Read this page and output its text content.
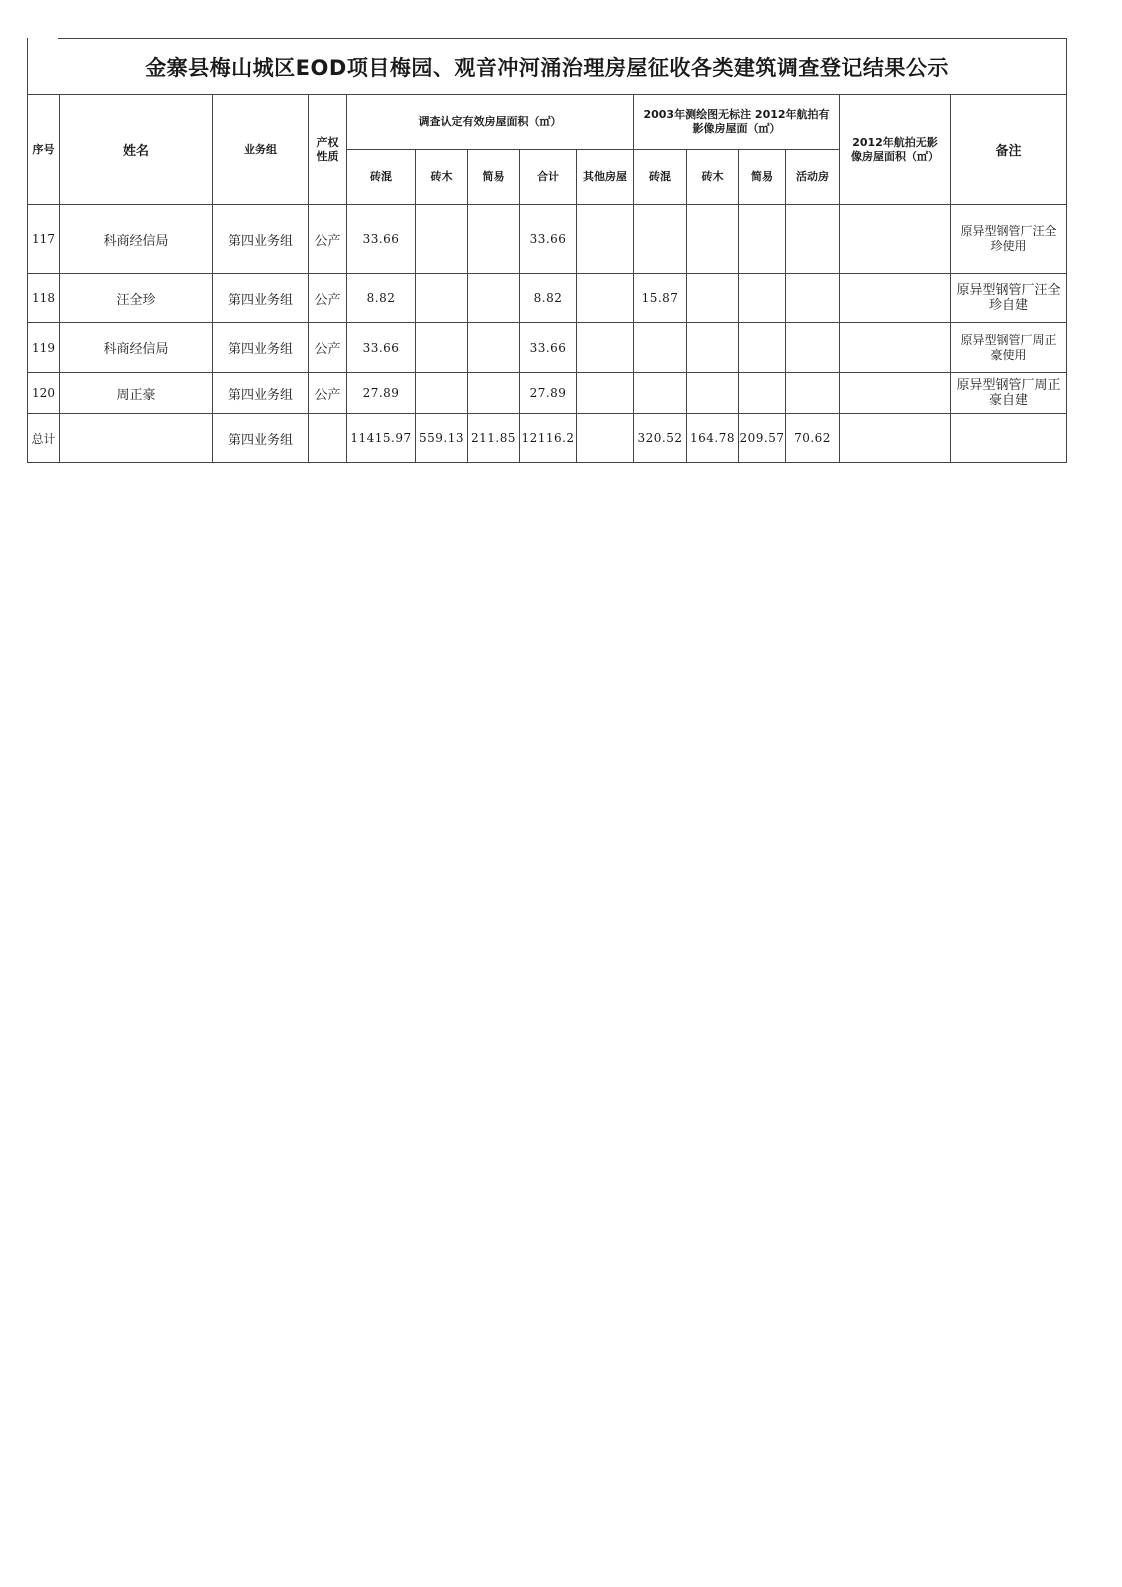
金寨县梅山城区EOD项目梅园、观音冲河涌治理房屋征收各类建筑调查登记结果公示														
序号	姓名	业务组	产权性质	调查认定有效房屋面积（㎡）					2003年测绘图无标注 2012年航拍有影像房屋面（㎡）				2012年航拍无影像房屋面积（㎡）	备注
				砖混	砖木	简易	合计	其他房屋	砖混	砖木	简易	活动房		
117	科商经信局	第四业务组	公产	33.66			33.66							原异型钢管厂汪全珍使用
118	汪全珍	第四业务组	公产	8.82			8.82		15.87					原异型钢管厂汪全珍自建
119	科商经信局	第四业务组	公产	33.66			33.66							原异型钢管厂周正豪使用
120	周正豪	第四业务组	公产	27.89			27.89							原异型钢管厂周正豪自建
总计		第四业务组		11415.97	559.13	211.85	12116.2		320.52	164.78	209.57	70.62		
